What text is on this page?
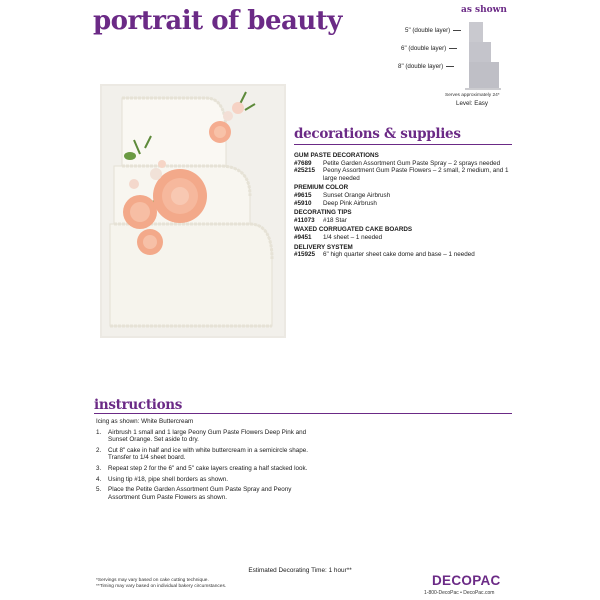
portrait of beauty	as shown
5" (double layer)
6" (double layer)
8" (double layer)
Serves approximately 24*
Level: Easy
decorations & supplies
GUM PASTE DECORATIONS
#7689	Petite Garden Assortment Gum Paste Spray – 2 sprays needed
#25215	Peony Assortment Gum Paste Flowers – 2 small, 2 medium, and 1 large needed
PREMIUM COLOR
#9615	Sunset Orange Airbrush
#5910	Deep Pink Airbrush
DECORATING TIPS
#11073	#18 Star
WAXED CORRUGATED CAKE BOARDS
#9451	1/4 sheet – 1 needed
DELIVERY SYSTEM
#15925	6" high quarter sheet cake dome and base – 1 needed
instructions
Icing as shown: White Buttercream
1.	Airbrush 1 small and 1 large Peony Gum Paste Flowers Deep Pink and Sunset Orange. Set aside to dry.
2.	Cut 8" cake in half and ice with white buttercream in a semicircle shape. Transfer to 1/4 sheet board.
3.	Repeat step 2 for the 6" and 5" cake layers creating a half stacked look.
4.	Using tip #18, pipe shell borders as shown.
5.	Place the Petite Garden Assortment Gum Paste Spray and Peony Assortment Gum Paste Flowers as shown.
Estimated Decorating Time: 1 hour**
*Servings may vary based on cake cutting technique.
**Timing may vary based on individual bakery circumstances.	DECOPAC
1-800-DecoPac • DecoPac.com
